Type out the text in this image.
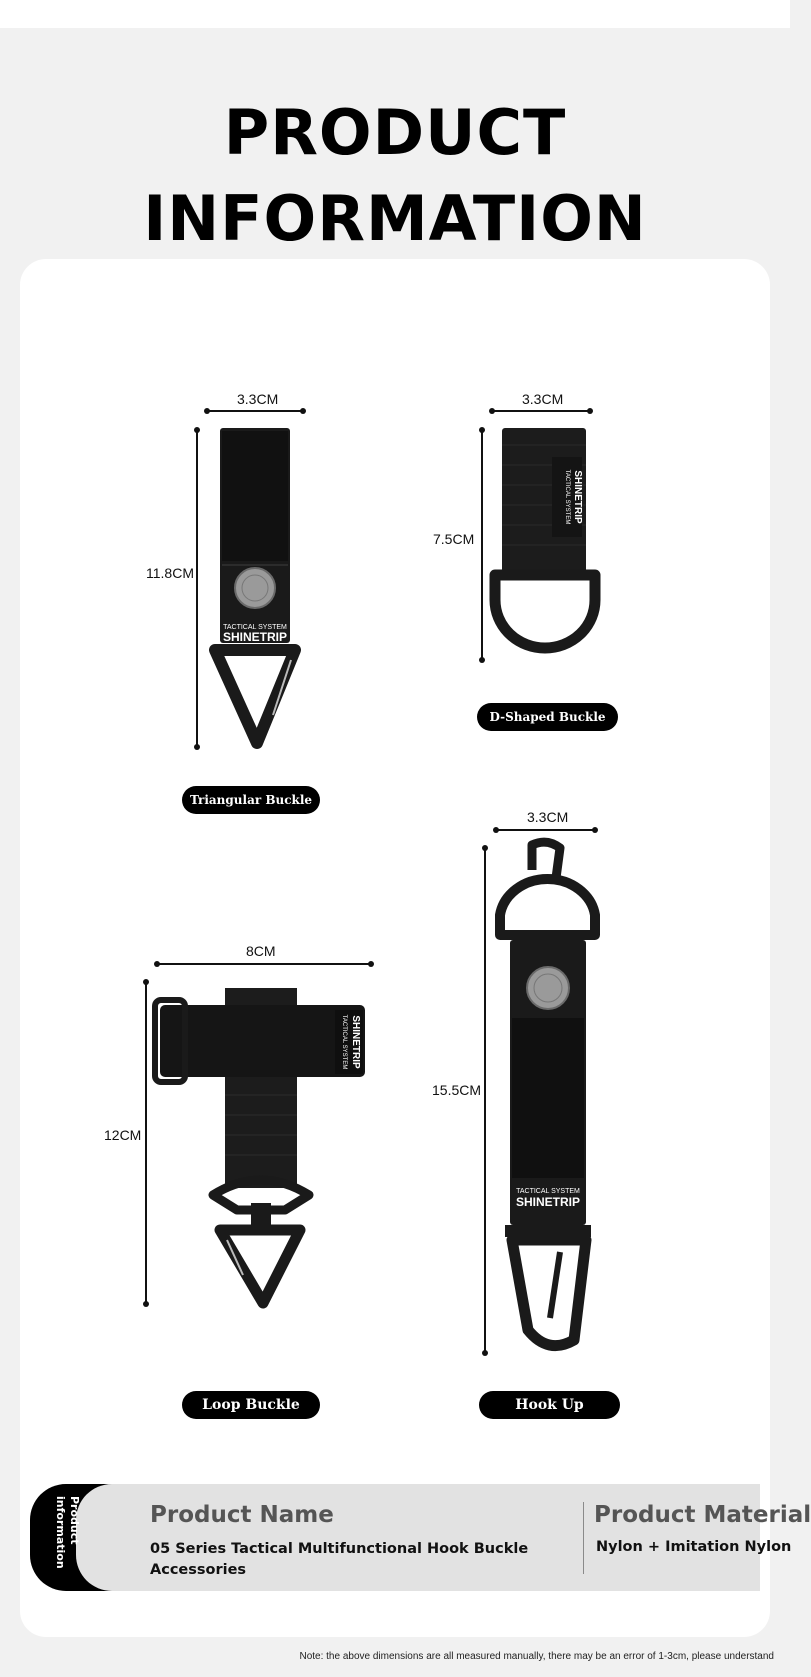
PRODUCT
INFORMATION
3.3CM
11.8CM
TACTICAL SYSTEM
SHINETRIP
Triangular Buckle
3.3CM
7.5CM
TACTICAL SYSTEM SHINETRIP
D-Shaped Buckle
8CM
12CM
TACTICAL SYSTEM SHINETRIP
Loop Buckle
3.3CM
15.5CM
TACTICAL SYSTEM
SHINETRIP
Hook Up
Product Name
05 Series Tactical Multifunctional Hook Buckle Accessories
Product Material
Nylon + Imitation Nylon
Product information
Note: the above dimensions are all measured manually, there may be an error of 1-3cm, please understand
